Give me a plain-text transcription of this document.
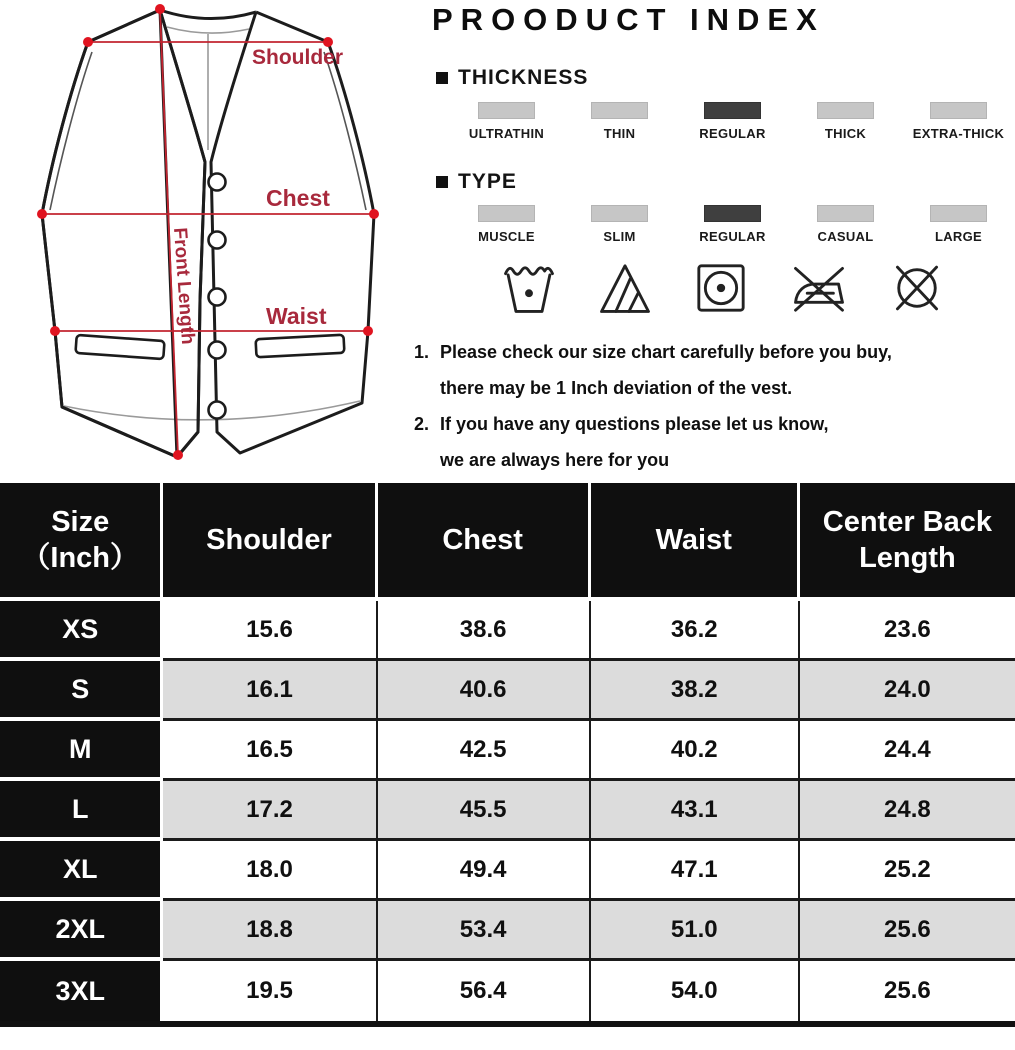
Shoulder
Chest
Waist
Front Length
PROODUCT INDEX
THICKNESS
ULTRATHIN	THIN	REGULAR	THICK	EXTRA-THICK
TYPE
MUSCLE	SLIM	REGULAR	CASUAL	LARGE
1. Please check our size chart carefully before you buy,
there may be 1 Inch deviation of the vest.
2. If you have any questions please let us know,
we are always here for you
Size
（Inch）	Shoulder	Chest	Waist	Center Back Length
XS	15.6	38.6	36.2	23.6
S	16.1	40.6	38.2	24.0
M	16.5	42.5	40.2	24.4
L	17.2	45.5	43.1	24.8
XL	18.0	49.4	47.1	25.2
2XL	18.8	53.4	51.0	25.6
3XL	19.5	56.4	54.0	25.6
